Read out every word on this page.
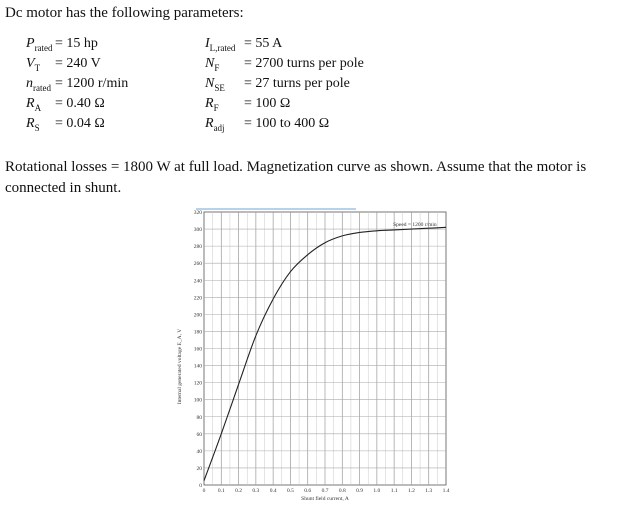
Dc motor has the following parameters:
Rotational losses = 1800 W at full load. Magnetization curve as shown. Assume that the motor is connected in shunt.
0
20
40
60
80
100
120
140
160
180
200
220
240
260
280
300
320
0 0.1 0.2 0.3 0.4 0.5 0.6 0.7 0.8 0.9 1.0 1.1 1.2 1.3 1.4
Shunt field current, A
Internal generated voltage E_A, V
Speed = 1200 r/min
$P_{rated} = 15$ hp
$V_T = 240$ V
$n_{rated} = 1200$ r/min
$R_A = 0.40$ Ω
$R_S = 0.04$ Ω
$I_{L,rated} = 55$ A
$N_F = 2700$ turns per pole
$N_{SE} = 27$ turns per pole
$R_F = 100$ Ω
$R_{adj} = 100$ to 400 Ω
